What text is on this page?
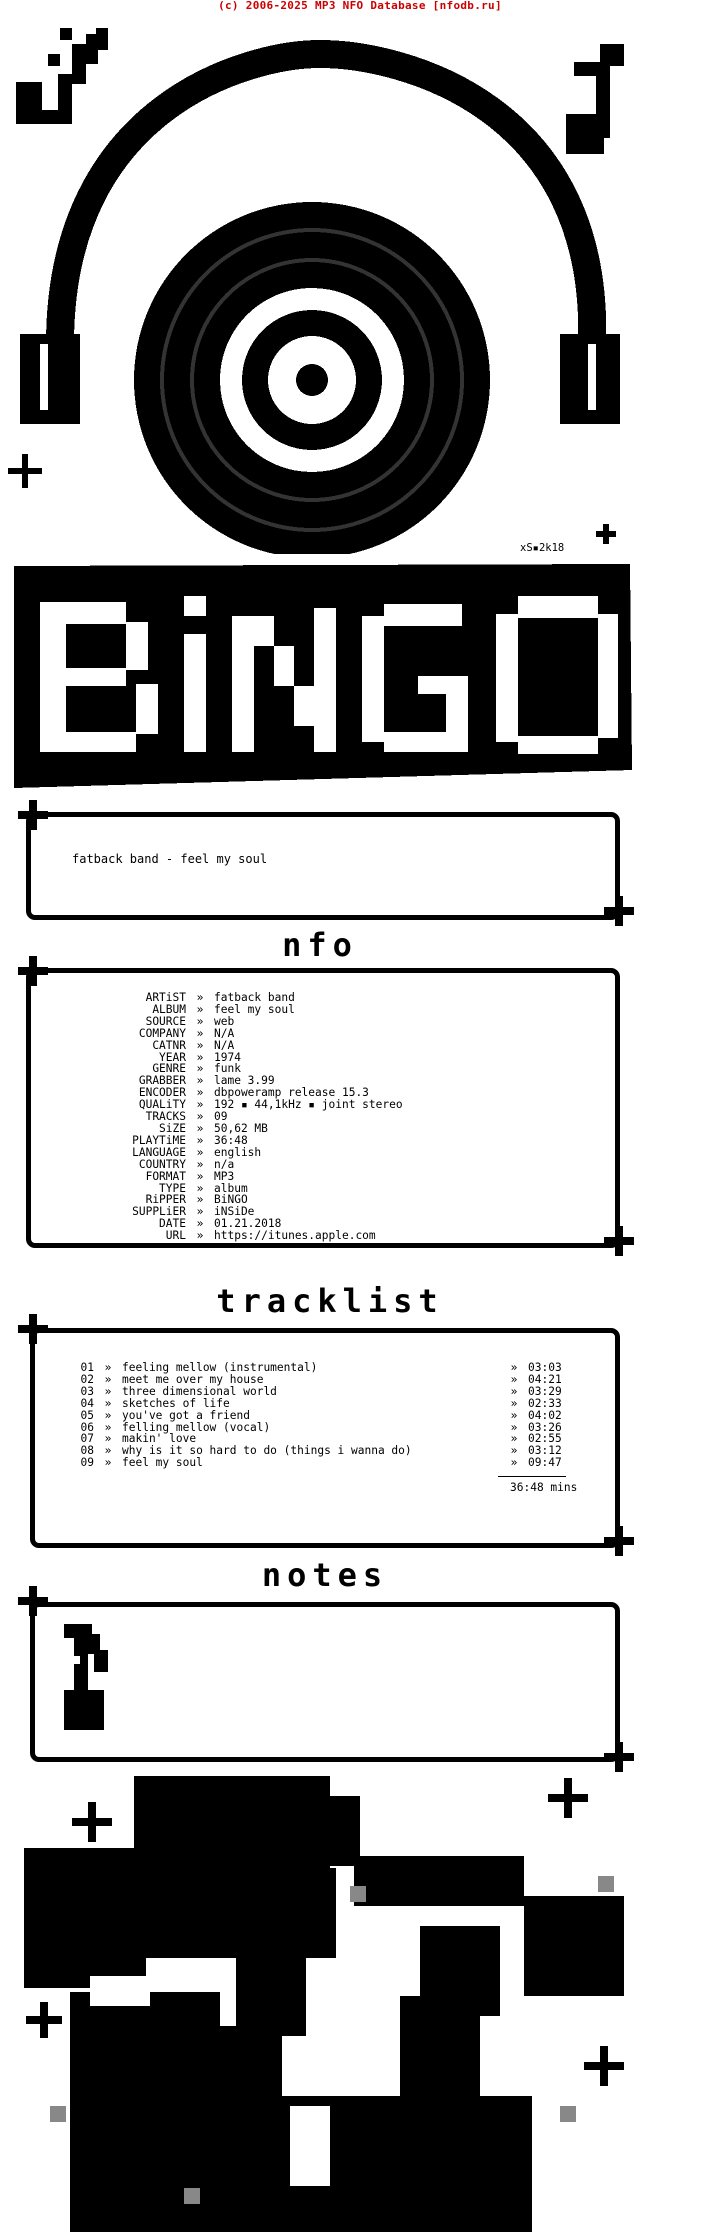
(c) 2006-2025 MP3 NFO Database [nfodb.ru]
xS▪2k18
fatback band - feel my soul
nfo
ARTiST » fatback band
ALBUM » feel my soul
SOURCE » web
COMPANY » N/A
CATNR » N/A
YEAR » 1974
GENRE » funk
GRABBER » lame 3.99
ENCODER » dbpoweramp release 15.3
QUALiTY » 192 ▪ 44,1kHz ▪ joint stereo
TRACKS » 09
SiZE » 50,62 MB
PLAYTiME » 36:48
LANGUAGE » english
COUNTRY » n/a
FORMAT » MP3
TYPE » album
RiPPER » BiNGO
SUPPLiER » iNSiDe
DATE » 01.21.2018
URL » https://itunes.apple.com
tracklist
01 » feeling mellow (instrumental)	» 03:03
02 » meet me over my house	» 04:21
03 » three dimensional world	» 03:29
04 » sketches of life	» 02:33
05 » you've got a friend	» 04:02
06 » felling mellow (vocal)	» 03:26
07 » makin' love	» 02:55
08 » why is it so hard to do (things i wanna do)	» 03:12
09 » feel my soul	» 09:47
36:48 mins
notes
